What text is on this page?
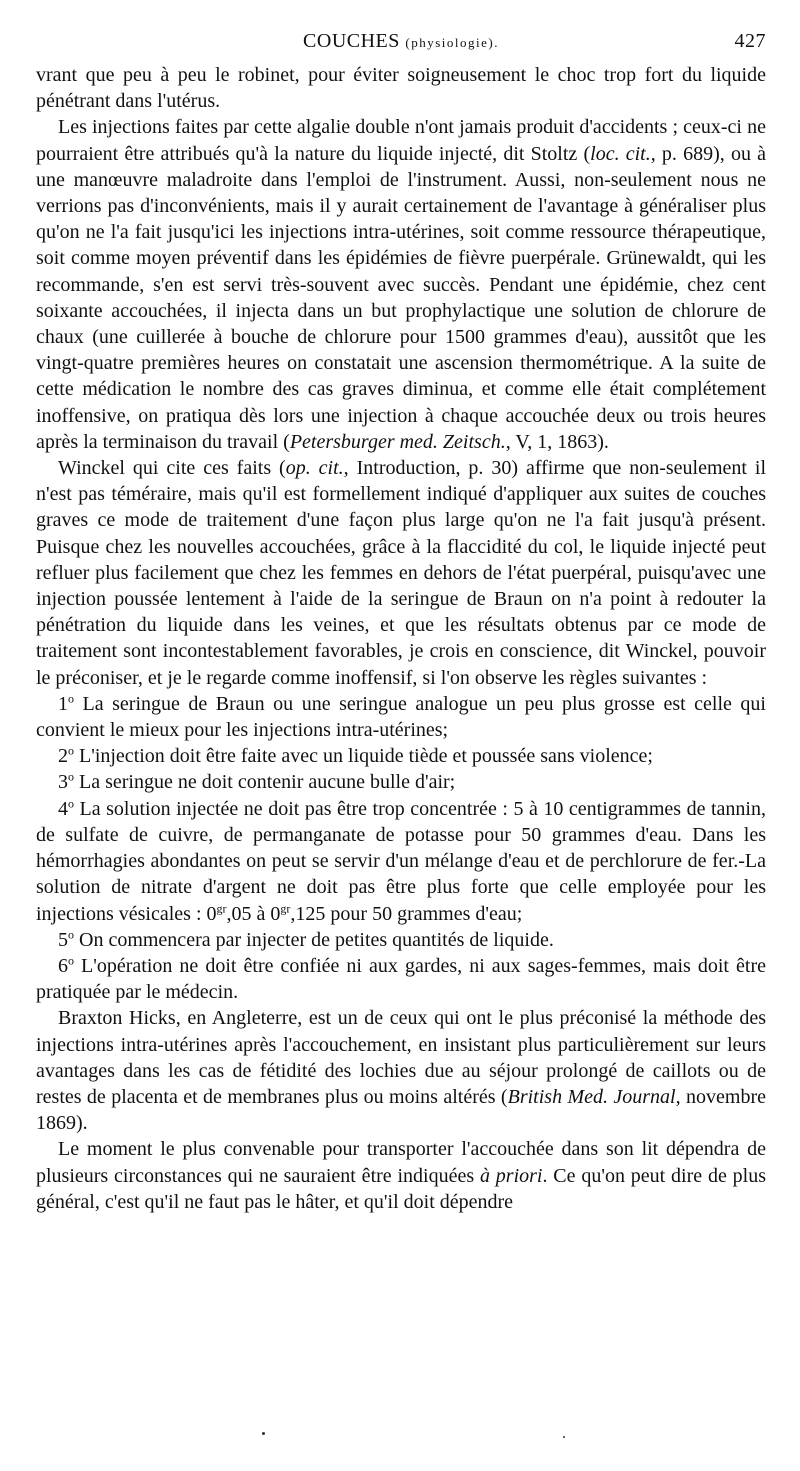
COUCHES (physiologie).	427

vrant que peu à peu le robinet, pour éviter soigneusement le choc trop fort du liquide pénétrant dans l'utérus.

Les injections faites par cette algalie double n'ont jamais produit d'accidents ; ceux-ci ne pourraient être attribués qu'à la nature du liquide injecté, dit Stoltz (loc. cit., p. 689), ou à une manœuvre maladroite dans l'emploi de l'instrument. Aussi, non-seulement nous ne verrions pas d'inconvénients, mais il y aurait certainement de l'avantage à généraliser plus qu'on ne l'a fait jusqu'ici les injections intra-utérines, soit comme ressource thérapeutique, soit comme moyen préventif dans les épidémies de fièvre puerpérale. Grünewaldt, qui les recommande, s'en est servi très-souvent avec succès. Pendant une épidémie, chez cent soixante accouchées, il injecta dans un but prophylactique une solution de chlorure de chaux (une cuillerée à bouche de chlorure pour 1500 grammes d'eau), aussitôt que les vingt-quatre premières heures on constatait une ascension thermométrique. A la suite de cette médication le nombre des cas graves diminua, et comme elle était complétement inoffensive, on pratiqua dès lors une injection à chaque accouchée deux ou trois heures après la terminaison du travail (Petersburger med. Zeitsch., V, 1, 1863).

Winckel qui cite ces faits (op. cit., Introduction, p. 30) affirme que non-seulement il n'est pas téméraire, mais qu'il est formellement indiqué d'appliquer aux suites de couches graves ce mode de traitement d'une façon plus large qu'on ne l'a fait jusqu'à présent. Puisque chez les nouvelles accouchées, grâce à la flaccidité du col, le liquide injecté peut refluer plus facilement que chez les femmes en dehors de l'état puerpéral, puisqu'avec une injection poussée lentement à l'aide de la seringue de Braun on n'a point à redouter la pénétration du liquide dans les veines, et que les résultats obtenus par ce mode de traitement sont incontestablement favorables, je crois en conscience, dit Winckel, pouvoir le préconiser, et je le regarde comme inoffensif, si l'on observe les règles suivantes :

1$^o$ La seringue de Braun ou une seringue analogue un peu plus grosse est celle qui convient le mieux pour les injections intra-utérines;

2$^o$ L'injection doit être faite avec un liquide tiède et poussée sans violence;

3$^o$ La seringue ne doit contenir aucune bulle d'air;

4$^o$ La solution injectée ne doit pas être trop concentrée : 5 à 10 centigrammes de tannin, de sulfate de cuivre, de permanganate de potasse pour 50 grammes d'eau. Dans les hémorrhagies abondantes on peut se servir d'un mélange d'eau et de perchlorure de fer.-La solution de nitrate d'argent ne doit pas être plus forte que celle employée pour les injections vésicales : $0^{gr},05$ à $0^{gr},125$ pour 50 grammes d'eau;

5$^o$ On commencera par injecter de petites quantités de liquide.

6$^o$ L'opération ne doit être confiée ni aux gardes, ni aux sages-femmes, mais doit être pratiquée par le médecin.

Braxton Hicks, en Angleterre, est un de ceux qui ont le plus préconisé la méthode des injections intra-utérines après l'accouchement, en insistant plus particulièrement sur leurs avantages dans les cas de fétidité des lochies due au séjour prolongé de caillots ou de restes de placenta et de membranes plus ou moins altérés (British Med. Journal, novembre 1869).

Le moment le plus convenable pour transporter l'accouchée dans son lit dépendra de plusieurs circonstances qui ne sauraient être indiquées à priori. Ce qu'on peut dire de plus général, c'est qu'il ne faut pas le hâter, et qu'il doit dépendre
